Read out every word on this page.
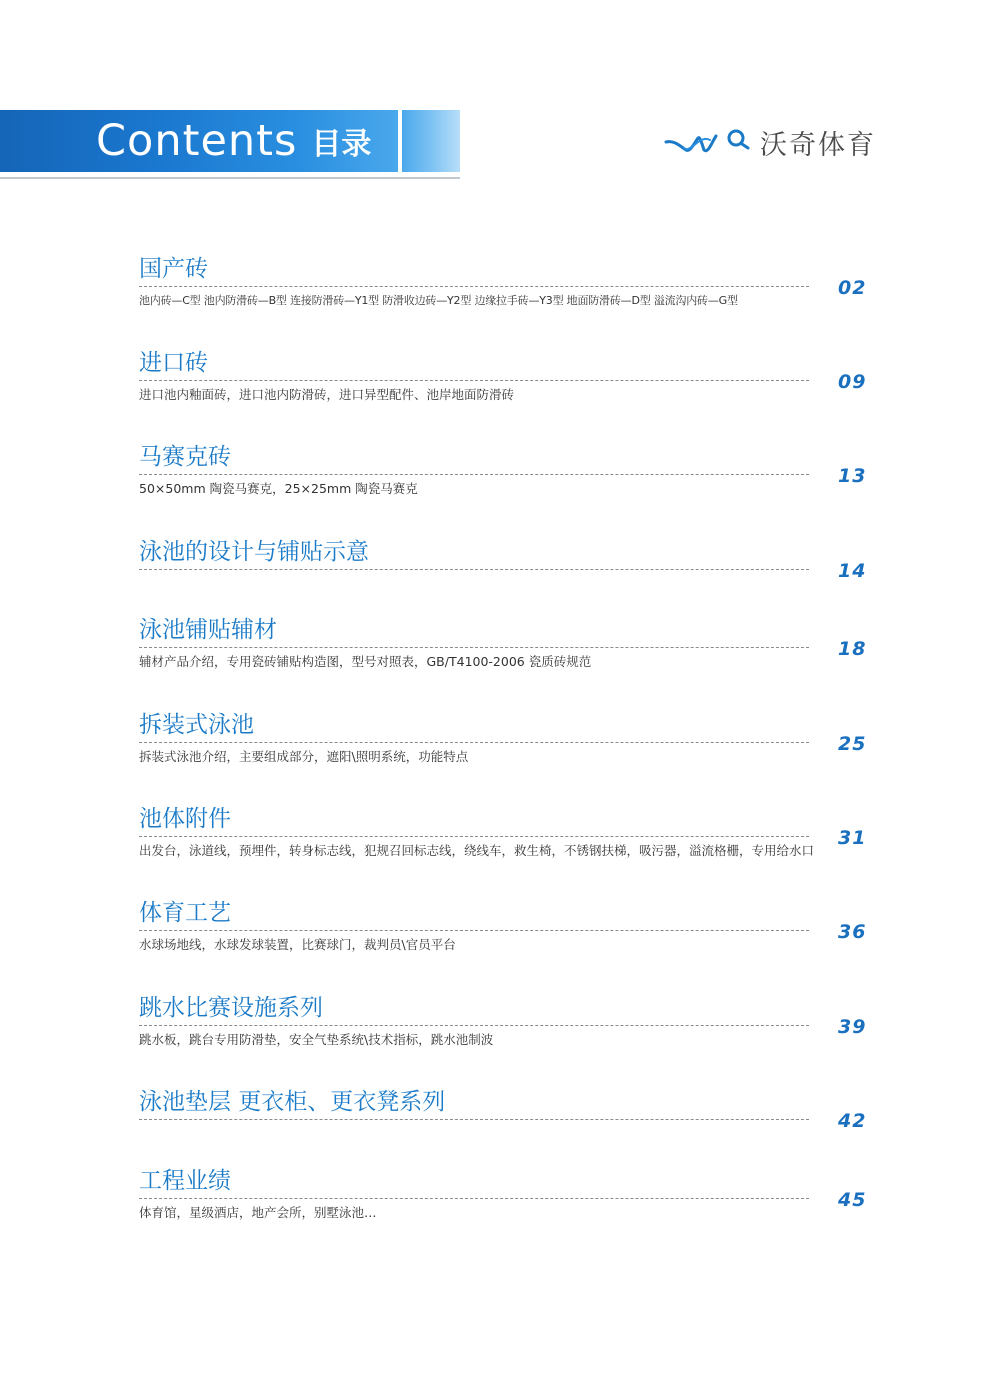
Contents 目录	沃奇体育
国产砖
池内砖—C型 池内防滑砖—B型 连接防滑砖—Y1型 防滑收边砖—Y2型 边缘拉手砖—Y3型 地面防滑砖—D型 溢流沟内砖—G型
02
进口砖
进口池内釉面砖，进口池内防滑砖，进口异型配件、池岸地面防滑砖
09
马赛克砖
50×50mm 陶瓷马赛克，25×25mm 陶瓷马赛克
13
泳池的设计与铺贴示意
14
泳池铺贴辅材
辅材产品介绍，专用瓷砖铺贴构造图，型号对照表，GB/T4100-2006 瓷质砖规范
18
拆装式泳池
拆装式泳池介绍，主要组成部分，遮阳\照明系统，功能特点
25
池体附件
出发台，泳道线，预埋件，转身标志线，犯规召回标志线，绕线车，救生椅，不锈钢扶梯，吸污器，溢流格栅，专用给水口
31
体育工艺
水球场地线，水球发球装置，比赛球门，裁判员\官员平台
36
跳水比赛设施系列
跳水板，跳台专用防滑垫，安全气垫系统\技术指标，跳水池制波
39
泳池垫层 更衣柜、更衣凳系列
42
工程业绩
体育馆，星级酒店，地产会所，别墅泳池…
45
